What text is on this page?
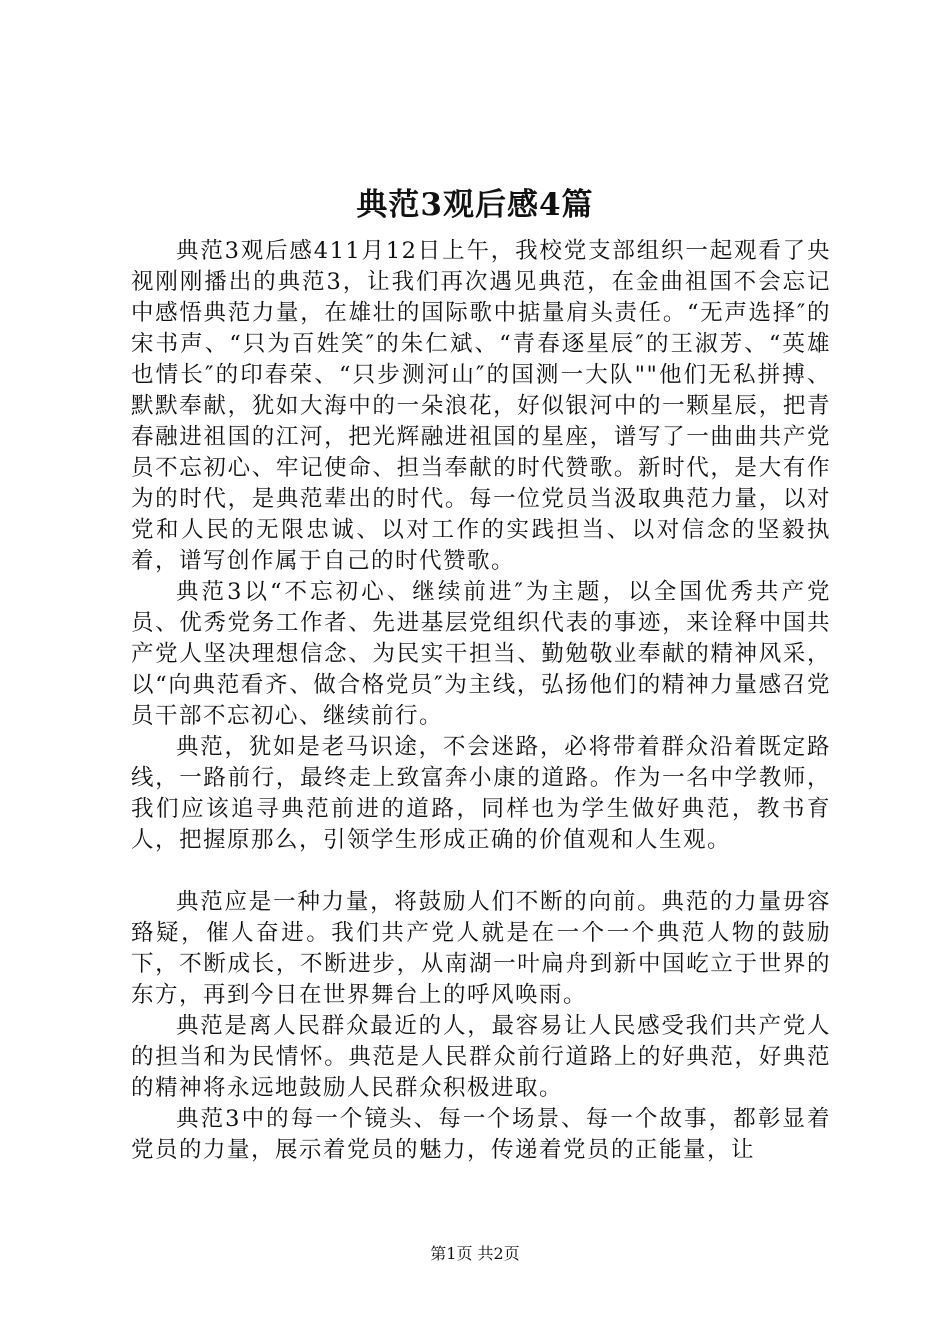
典范3观后感4篇

典范3观后感411月12日上午，我校党支部组织一起观看了央视刚刚播出的典范3，让我们再次遇见典范，在金曲祖国不会忘记中感悟典范力量，在雄壮的国际歌中掂量肩头责任。“无声选择″的宋书声、“只为百姓笑″的朱仁斌、“青春逐星辰″的王淑芳、“英雄也情长″的印春荣、“只步测河山″的国测一大队""他们无私拼搏、默默奉献，犹如大海中的一朵浪花，好似银河中的一颗星辰，把青春融进祖国的江河，把光辉融进祖国的星座，谱写了一曲曲共产党员不忘初心、牢记使命、担当奉献的时代赞歌。新时代，是大有作为的时代，是典范辈出的时代。每一位党员当汲取典范力量，以对党和人民的无限忠诚、以对工作的实践担当、以对信念的坚毅执着，谱写创作属于自己的时代赞歌。

典范3以“不忘初心、继续前进″为主题，以全国优秀共产党员、优秀党务工作者、先进基层党组织代表的事迹，来诠释中国共产党人坚决理想信念、为民实干担当、勤勉敬业奉献的精神风采，以“向典范看齐、做合格党员″为主线，弘扬他们的精神力量感召党员干部不忘初心、继续前行。

典范，犹如是老马识途，不会迷路，必将带着群众沿着既定路线，一路前行，最终走上致富奔小康的道路。作为一名中学教师，我们应该追寻典范前进的道路，同样也为学生做好典范，教书育人，把握原那么，引领学生形成正确的价值观和人生观。

典范应是一种力量，将鼓励人们不断的向前。典范的力量毋容臵疑，催人奋进。我们共产党人就是在一个一个典范人物的鼓励下，不断成长，不断进步，从南湖一叶扁舟到新中国屹立于世界的东方，再到今日在世界舞台上的呼风唤雨。

典范是离人民群众最近的人，最容易让人民感受我们共产党人的担当和为民情怀。典范是人民群众前行道路上的好典范，好典范的精神将永远地鼓励人民群众积极进取。

典范3中的每一个镜头、每一个场景、每一个故事，都彰显着党员的力量，展示着党员的魅力，传递着党员的正能量，让

第1页 共2页
